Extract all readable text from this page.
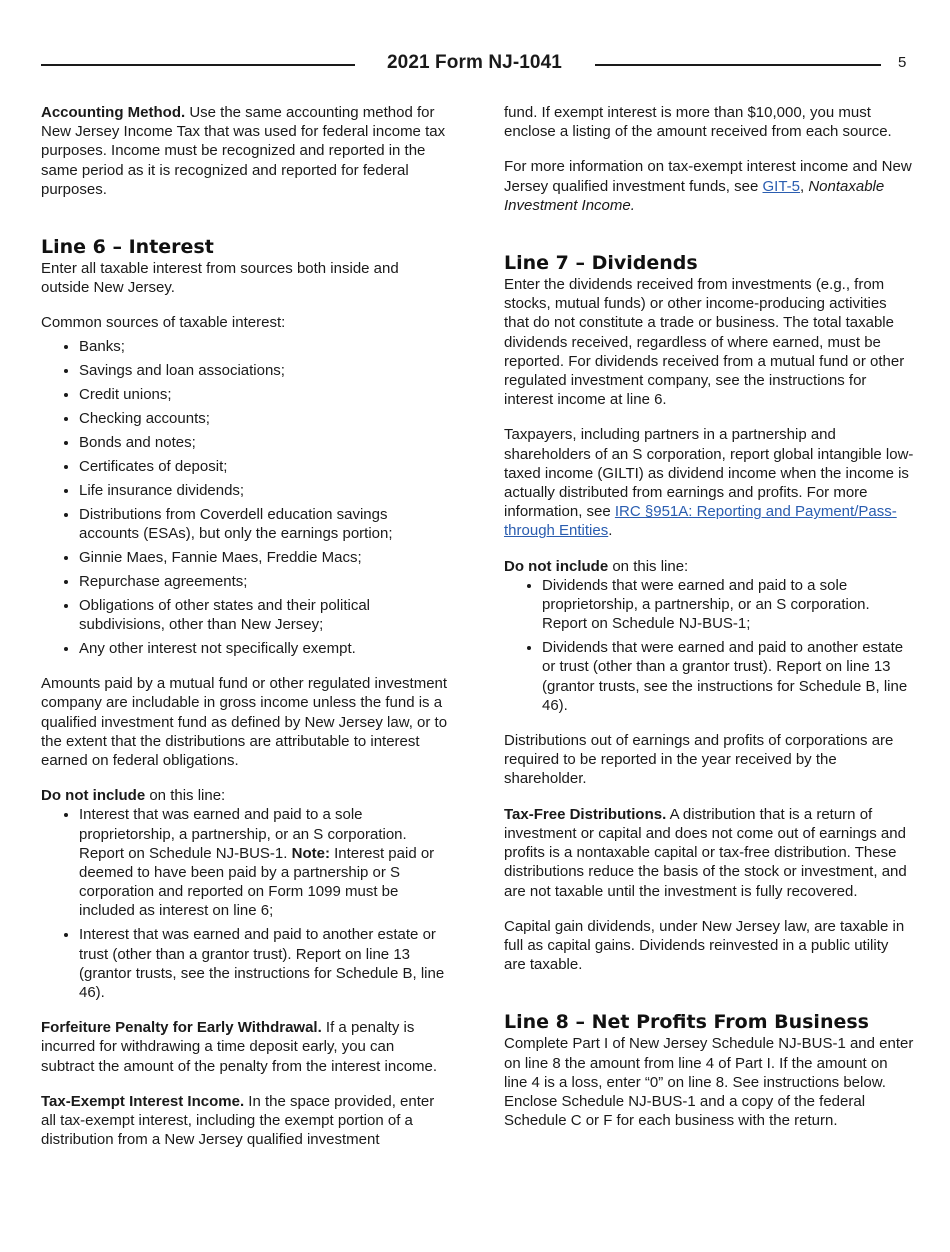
2021 Form NJ-1041	5

Accounting Method. Use the same accounting method for New Jersey Income Tax that was used for federal income tax purposes. Income must be recognized and reported in the same period as it is recognized and reported for federal purposes.

Line 6 – Interest

Enter all taxable interest from sources both inside and outside New Jersey.

Common sources of taxable interest:

• Banks;
• Savings and loan associations;
• Credit unions;
• Checking accounts;
• Bonds and notes;
• Certificates of deposit;
• Life insurance dividends;
• Distributions from Coverdell education savings accounts (ESAs), but only the earnings portion;
• Ginnie Maes, Fannie Maes, Freddie Macs;
• Repurchase agreements;
• Obligations of other states and their political subdivisions, other than New Jersey;
• Any other interest not specifically exempt.

Amounts paid by a mutual fund or other regulated investment company are includable in gross income unless the fund is a qualified investment fund as defined by New Jersey law, or to the extent that the distributions are attributable to interest earned on federal obligations.

Do not include on this line:

• Interest that was earned and paid to a sole proprietorship, a partnership, or an S corporation. Report on Schedule NJ-BUS-1. Note: Interest paid or deemed to have been paid by a partnership or S corporation and reported on Form 1099 must be included as interest on line 6;
• Interest that was earned and paid to another estate or trust (other than a grantor trust). Report on line 13 (grantor trusts, see the instructions for Schedule B, line 46).

Forfeiture Penalty for Early Withdrawal. If a penalty is incurred for withdrawing a time deposit early, you can subtract the amount of the penalty from the interest income.

Tax-Exempt Interest Income. In the space provided, enter all tax-exempt interest, including the exempt portion of a distribution from a New Jersey qualified investment

fund. If exempt interest is more than $10,000, you must enclose a listing of the amount received from each source.

For more information on tax-exempt interest income and New Jersey qualified investment funds, see GIT-5, Nontaxable Investment Income.

Line 7 – Dividends

Enter the dividends received from investments (e.g., from stocks, mutual funds) or other income-producing activities that do not constitute a trade or business. The total taxable dividends received, regardless of where earned, must be reported. For dividends received from a mutual fund or other regulated investment company, see the instructions for interest income at line 6.

Taxpayers, including partners in a partnership and shareholders of an S corporation, report global intangible low-taxed income (GILTI) as dividend income when the income is actually distributed from earnings and profits. For more information, see IRC §951A: Reporting and Payment/Pass-through Entities.

Do not include on this line:

• Dividends that were earned and paid to a sole proprietorship, a partnership, or an S corporation. Report on Schedule NJ-BUS-1;
• Dividends that were earned and paid to another estate or trust (other than a grantor trust). Report on line 13 (grantor trusts, see the instructions for Schedule B, line 46).

Distributions out of earnings and profits of corporations are required to be reported in the year received by the shareholder.

Tax-Free Distributions. A distribution that is a return of investment or capital and does not come out of earnings and profits is a nontaxable capital or tax-free distribution. These distributions reduce the basis of the stock or investment, and are not taxable until the investment is fully recovered.

Capital gain dividends, under New Jersey law, are taxable in full as capital gains. Dividends reinvested in a public utility are taxable.

Line 8 – Net Profits From Business

Complete Part I of New Jersey Schedule NJ-BUS-1 and enter on line 8 the amount from line 4 of Part I. If the amount on line 4 is a loss, enter “0” on line 8. See instructions below. Enclose Schedule NJ-BUS-1 and a copy of the federal Schedule C or F for each business with the return.
